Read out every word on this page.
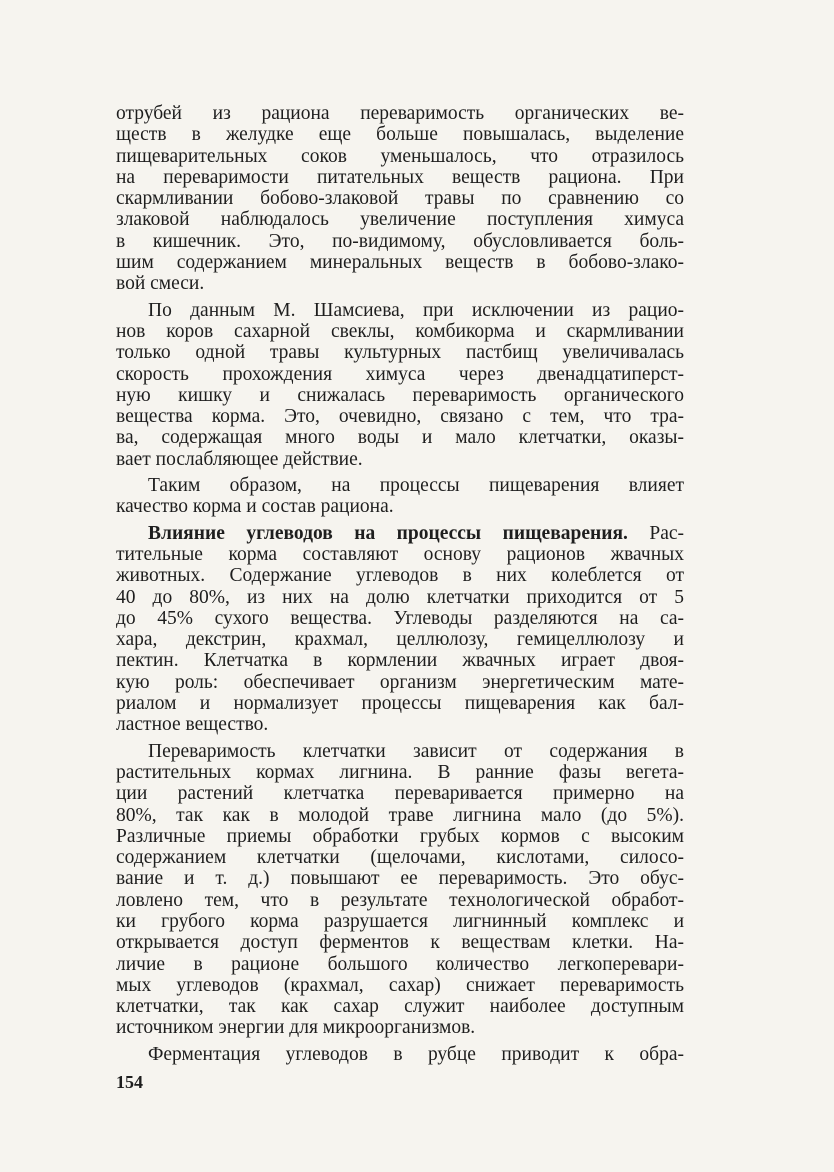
отрубей из рациона переваримость органических ве-
ществ в желудке еще больше повышалась, выделение
пищеварительных соков уменьшалось, что отразилось
на переваримости питательных веществ рациона. При
скармливании бобово-злаковой травы по сравнению со
злаковой наблюдалось увеличение поступления химуса
в кишечник. Это, по-видимому, обусловливается боль-
шим содержанием минеральных веществ в бобово-злако-
вой смеси.

По данным М. Шамсиева, при исключении из рацио-
нов коров сахарной свеклы, комбикорма и скармливании
только одной травы культурных пастбищ увеличивалась
скорость прохождения химуса через двенадцатиперст-
ную кишку и снижалась переваримость органического
вещества корма. Это, очевидно, связано с тем, что тра-
ва, содержащая много воды и мало клетчатки, оказы-
вает послабляющее действие.

Таким образом, на процессы пищеварения влияет
качество корма и состав рациона.

Влияние углеводов на процессы пищеварения. Рас-
тительные корма составляют основу рационов жвачных
животных. Содержание углеводов в них колеблется от
40 до 80%, из них на долю клетчатки приходится от 5
до 45% сухого вещества. Углеводы разделяются на са-
хара, декстрин, крахмал, целлюлозу, гемицеллюлозу и
пектин. Клетчатка в кормлении жвачных играет двоя-
кую роль: обеспечивает организм энергетическим мате-
риалом и нормализует процессы пищеварения как бал-
ластное вещество.

Переваримость клетчатки зависит от содержания в
растительных кормах лигнина. В ранние фазы вегета-
ции растений клетчатка переваривается примерно на
80%, так как в молодой траве лигнина мало (до 5%).
Различные приемы обработки грубых кормов с высоким
содержанием клетчатки (щелочами, кислотами, силосо-
вание и т. д.) повышают ее переваримость. Это обус-
ловлено тем, что в результате технологической обработ-
ки грубого корма разрушается лигнинный комплекс и
открывается доступ ферментов к веществам клетки. На-
личие в рационе большого количество легкоперевари-
мых углеводов (крахмал, сахар) снижает переваримость
клетчатки, так как сахар служит наиболее доступным
источником энергии для микроорганизмов.

Ферментация углеводов в рубце приводит к обра-

154
